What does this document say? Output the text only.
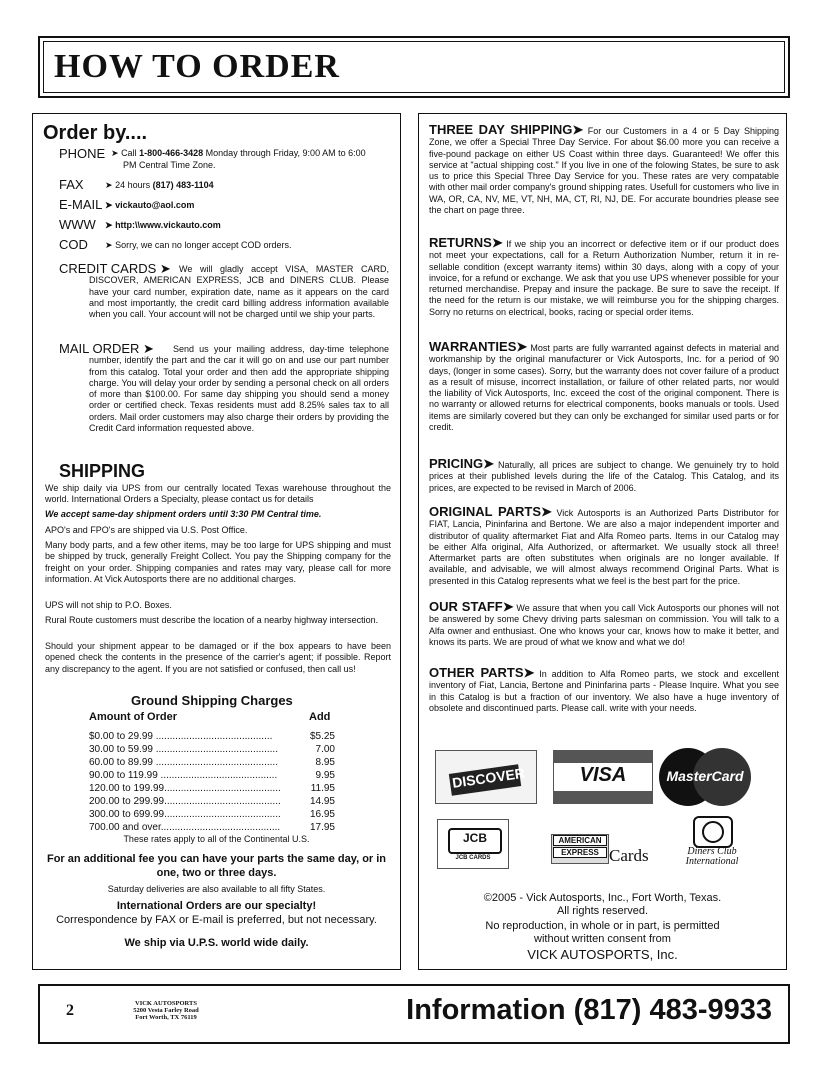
HOW TO ORDER
Order by....
PHONE ➤ Call 1-800-466-3428 Monday through Friday, 9:00 AM to 6:00
PM Central Time Zone.
FAX ➤ 24 hours (817) 483-1104
E-MAIL ➤ vickauto@aol.com
WWW ➤ http:\\www.vickauto.com
COD ➤ Sorry, we can no longer accept COD orders.
CREDIT CARDS ➤ We will gladly accept VISA, MASTER CARD, DISCOVER, AMERICAN EXPRESS, JCB and DINERS CLUB. Please have your card number, expiration date, name as it appears on the card and most importantly, the credit card billing address information available when you call. Your account will not be charged until we ship your parts.
MAIL ORDER ➤	Send us your mailing address, day-time telephone number, identify the part and the car it will go on and use our part number from this catalog. Total your order and then add the appropriate shipping charge. You will delay your order by sending a personal check on all orders of more than $100.00. For same day shipping you should send a money order or certified check. Texas residents must add 8.25% sales tax to all orders. Mail order customers may also charge their orders by providing the Credit Card information requested above.
SHIPPING
We ship daily via UPS from our centrally located Texas warehouse throughout the world. International Orders a Specialty, please contact us for details
We accept same-day shipment orders until 3:30 PM Central time.
APO's and FPO's are shipped via U.S. Post Office.
Many body parts, and a few other items, may be too large for UPS shipping and must be shipped by truck, generally Freight Collect. You pay the Shipping company for the freight on your order. Shipping companies and rates may vary, please call for more information. At Vick Autosports there are no additional charges.
UPS will not ship to P.O. Boxes.
Rural Route customers must describe the location of a nearby highway intersection.
Should your shipment appear to be damaged or if the box appears to have been opened check the contents in the presence of the carrier's agent; if possible. Report any discrepancy to the agent. If you are not satisfied or confused, then call us!
Ground Shipping Charges
Amount of Order	Add
$0.00 to 29.99 ..........................................	$5.25
30.00 to 59.99 ............................................	7.00
60.00 to 89.99 ............................................	8.95
90.00 to 119.99 ..........................................	9.95
120.00 to 199.99..........................................	11.95
200.00 to 299.99..........................................	14.95
300.00 to 699.99..........................................	16.95
700.00 and over...........................................	17.95
These rates apply to all of the Continental U.S.
For an additional fee you can have your parts the same day, or in one, two or three days.
Saturday deliveries are also available to all fifty States.
International Orders are our specialty!
Correspondence by FAX or E-mail is preferred, but not necessary.
We ship via U.P.S. world wide daily.
THREE DAY SHIPPING➤ For our Customers in a 4 or 5 Day Shipping Zone, we offer a Special Three Day Service. For about $6.00 more you can receive a five-pound package on either US Coast within three days. Guaranteed! We offer this service at "actual shipping cost." If you live in one of the folowing States, be sure to ask us to price this Special Three Day Service for you. These rates are very compatable with other mail order company's ground shipping rates. Usefull for customers who live in WA, OR, CA, NV, ME, VT, NH, MA, CT, RI, NJ, DE. For accurate boundries please see the chart on page three.
RETURNS➤ If we ship you an incorrect or defective item or if our product does not meet your expectations, call for a Return Authorization Number, return it in re-sellable condition (except warranty items) within 30 days, along with a copy of your invoice, for a refund or exchange. We ask that you use UPS whenever possible for your returned merchandise. Prepay and insure the package. Be sure to save the receipt. If the need for the return is our mistake, we will reimburse you for the shipping charges. Sorry no returns on electrical, books, racing or special order items.
WARRANTIES➤ Most parts are fully warranted against defects in material and workmanship by the original manufacturer or Vick Autosports, Inc. for a period of 90 days, (longer in some cases). Sorry, but the warranty does not cover failure of a product as a result of misuse, incorrect installation, or failure of other related parts, nor would the liability of Vick Autosports, Inc. exceed the cost of the original component. There is no warranty or allowed returns for electrical components, books manuals or tools. Used items are similarly covered but they can only be exchanged for similar used parts or for credit.
PRICING➤ Naturally, all prices are subject to change. We genuinely try to hold prices at their published levels during the life of the Catalog. This Catalog, and its prices, are expected to be revised in March of 2006.
ORIGINAL PARTS➤ Vick Autosports is an Authorized Parts Distributor for FIAT, Lancia, Pininfarina and Bertone. We are also a major independent importer and distributor of quality aftermarket Fiat and Alfa Romeo parts. Items in our Catalog may be either Alfa original, Alfa Authorized, or aftermarket. We usually stock all three! Aftermarket parts are often substitutes when originals are no longer available. If available, and advisable, we will almost always recommend Original Parts. What is presented in this Catalog represents what we feel is the best part for the price.
OUR STAFF➤ We assure that when you call Vick Autosports our phones will not be answered by some Chevy driving parts salesman on commission. You will talk to a Alfa owner and enthusiast. One who knows your car, knows how to make it better, and knows its parts. We are proud of what we know and what we do!
OTHER PARTS➤ In addition to Alfa Romeo parts, we stock and excellent inventory of Fiat, Lancia, Bertone and Pininfarina parts - Please Inquire. What you see in this Catalog is but a fraction of our inventory. We also have a huge inventory of obsolete and discontinued parts. Please call. write with your needs.
DISCOVER	VISA	MasterCard
JCB
JCB CARDS
AMERICAN
EXPRESS Cards	Diners Club
International
©2005 - Vick Autosports, Inc., Fort Worth, Texas.
All rights reserved.
No reproduction, in whole or in part, is permitted
without written consent from
VICK AUTOSPORTS, Inc.
2	VICK AUTOSPORTS
5200 Vesta Farley Road
Fort Worth, TX 76119	Information (817) 483-9933
